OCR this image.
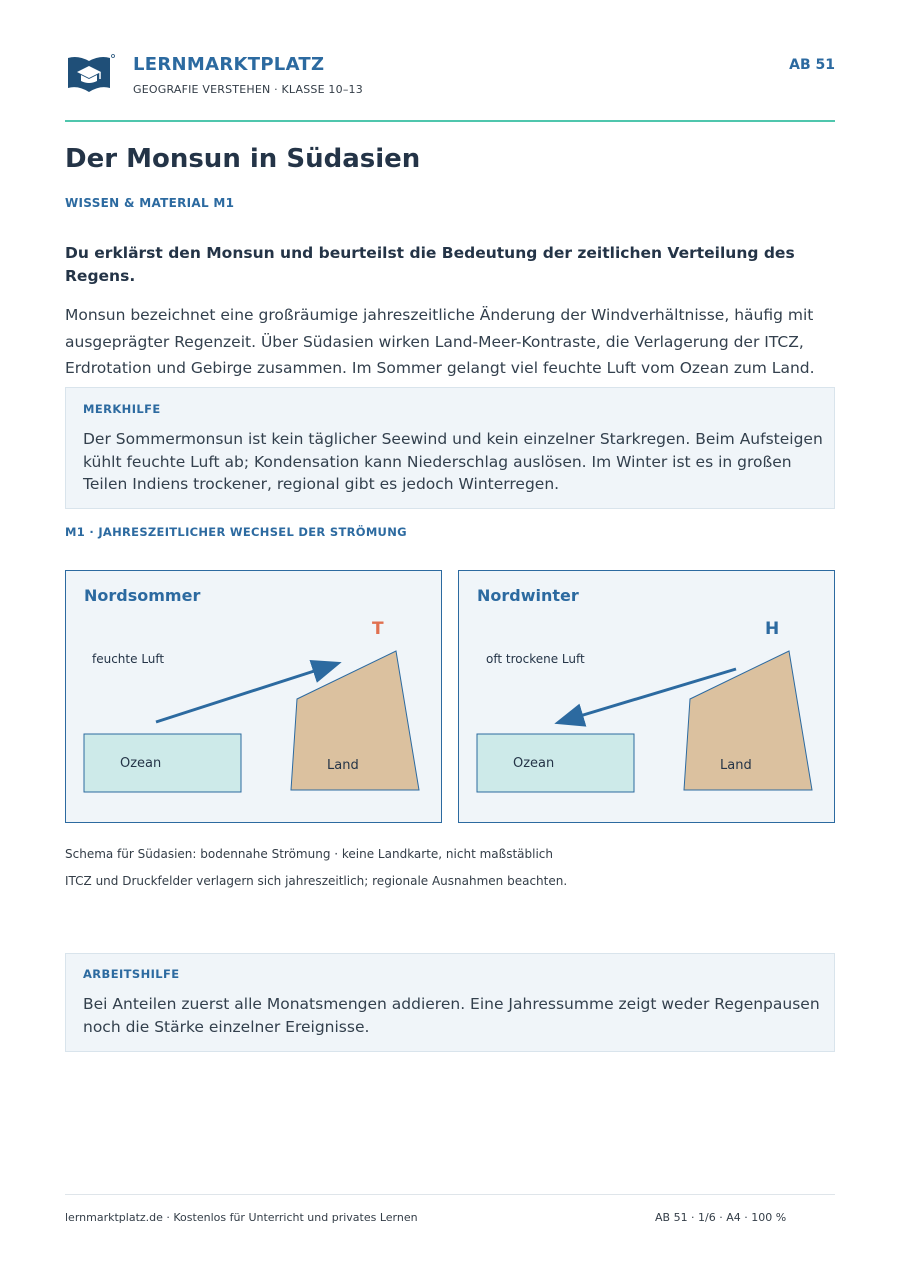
LERNMARKTPLATZ
GEOGRAFIE VERSTEHEN · KLASSE 10–13
AB 51
Der Monsun in Südasien
WISSEN & MATERIAL M1
Du erklärst den Monsun und beurteilst die Bedeutung der zeitlichen Verteilung des Regens.
Monsun bezeichnet eine großräumige jahreszeitliche Änderung der Windverhältnisse, häufig mit ausgeprägter Regenzeit. Über Südasien wirken Land-Meer-Kontraste, die Verlagerung der ITCZ, Erdrotation und Gebirge zusammen. Im Sommer gelangt viel feuchte Luft vom Ozean zum Land.
MERKHILFE
Der Sommermonsun ist kein täglicher Seewind und kein einzelner Starkregen. Beim Aufsteigen kühlt feuchte Luft ab; Kondensation kann Niederschlag auslösen. Im Winter ist es in großen Teilen Indiens trockener, regional gibt es jedoch Winterregen.
M1 · JAHRESZEITLICHER WECHSEL DER STRÖMUNG
Nordsommer
T
feuchte Luft
Ozean	Land
Nordwinter
H
oft trockene Luft
Ozean	Land
Schema für Südasien: bodennahe Strömung · keine Landkarte, nicht maßstäblich
ITCZ und Druckfelder verlagern sich jahreszeitlich; regionale Ausnahmen beachten.
ARBEITSHILFE
Bei Anteilen zuerst alle Monatsmengen addieren. Eine Jahressumme zeigt weder Regenpausen noch die Stärke einzelner Ereignisse.
lernmarktplatz.de · Kostenlos für Unterricht und privates Lernen	AB 51 · 1/6 · A4 · 100 %
